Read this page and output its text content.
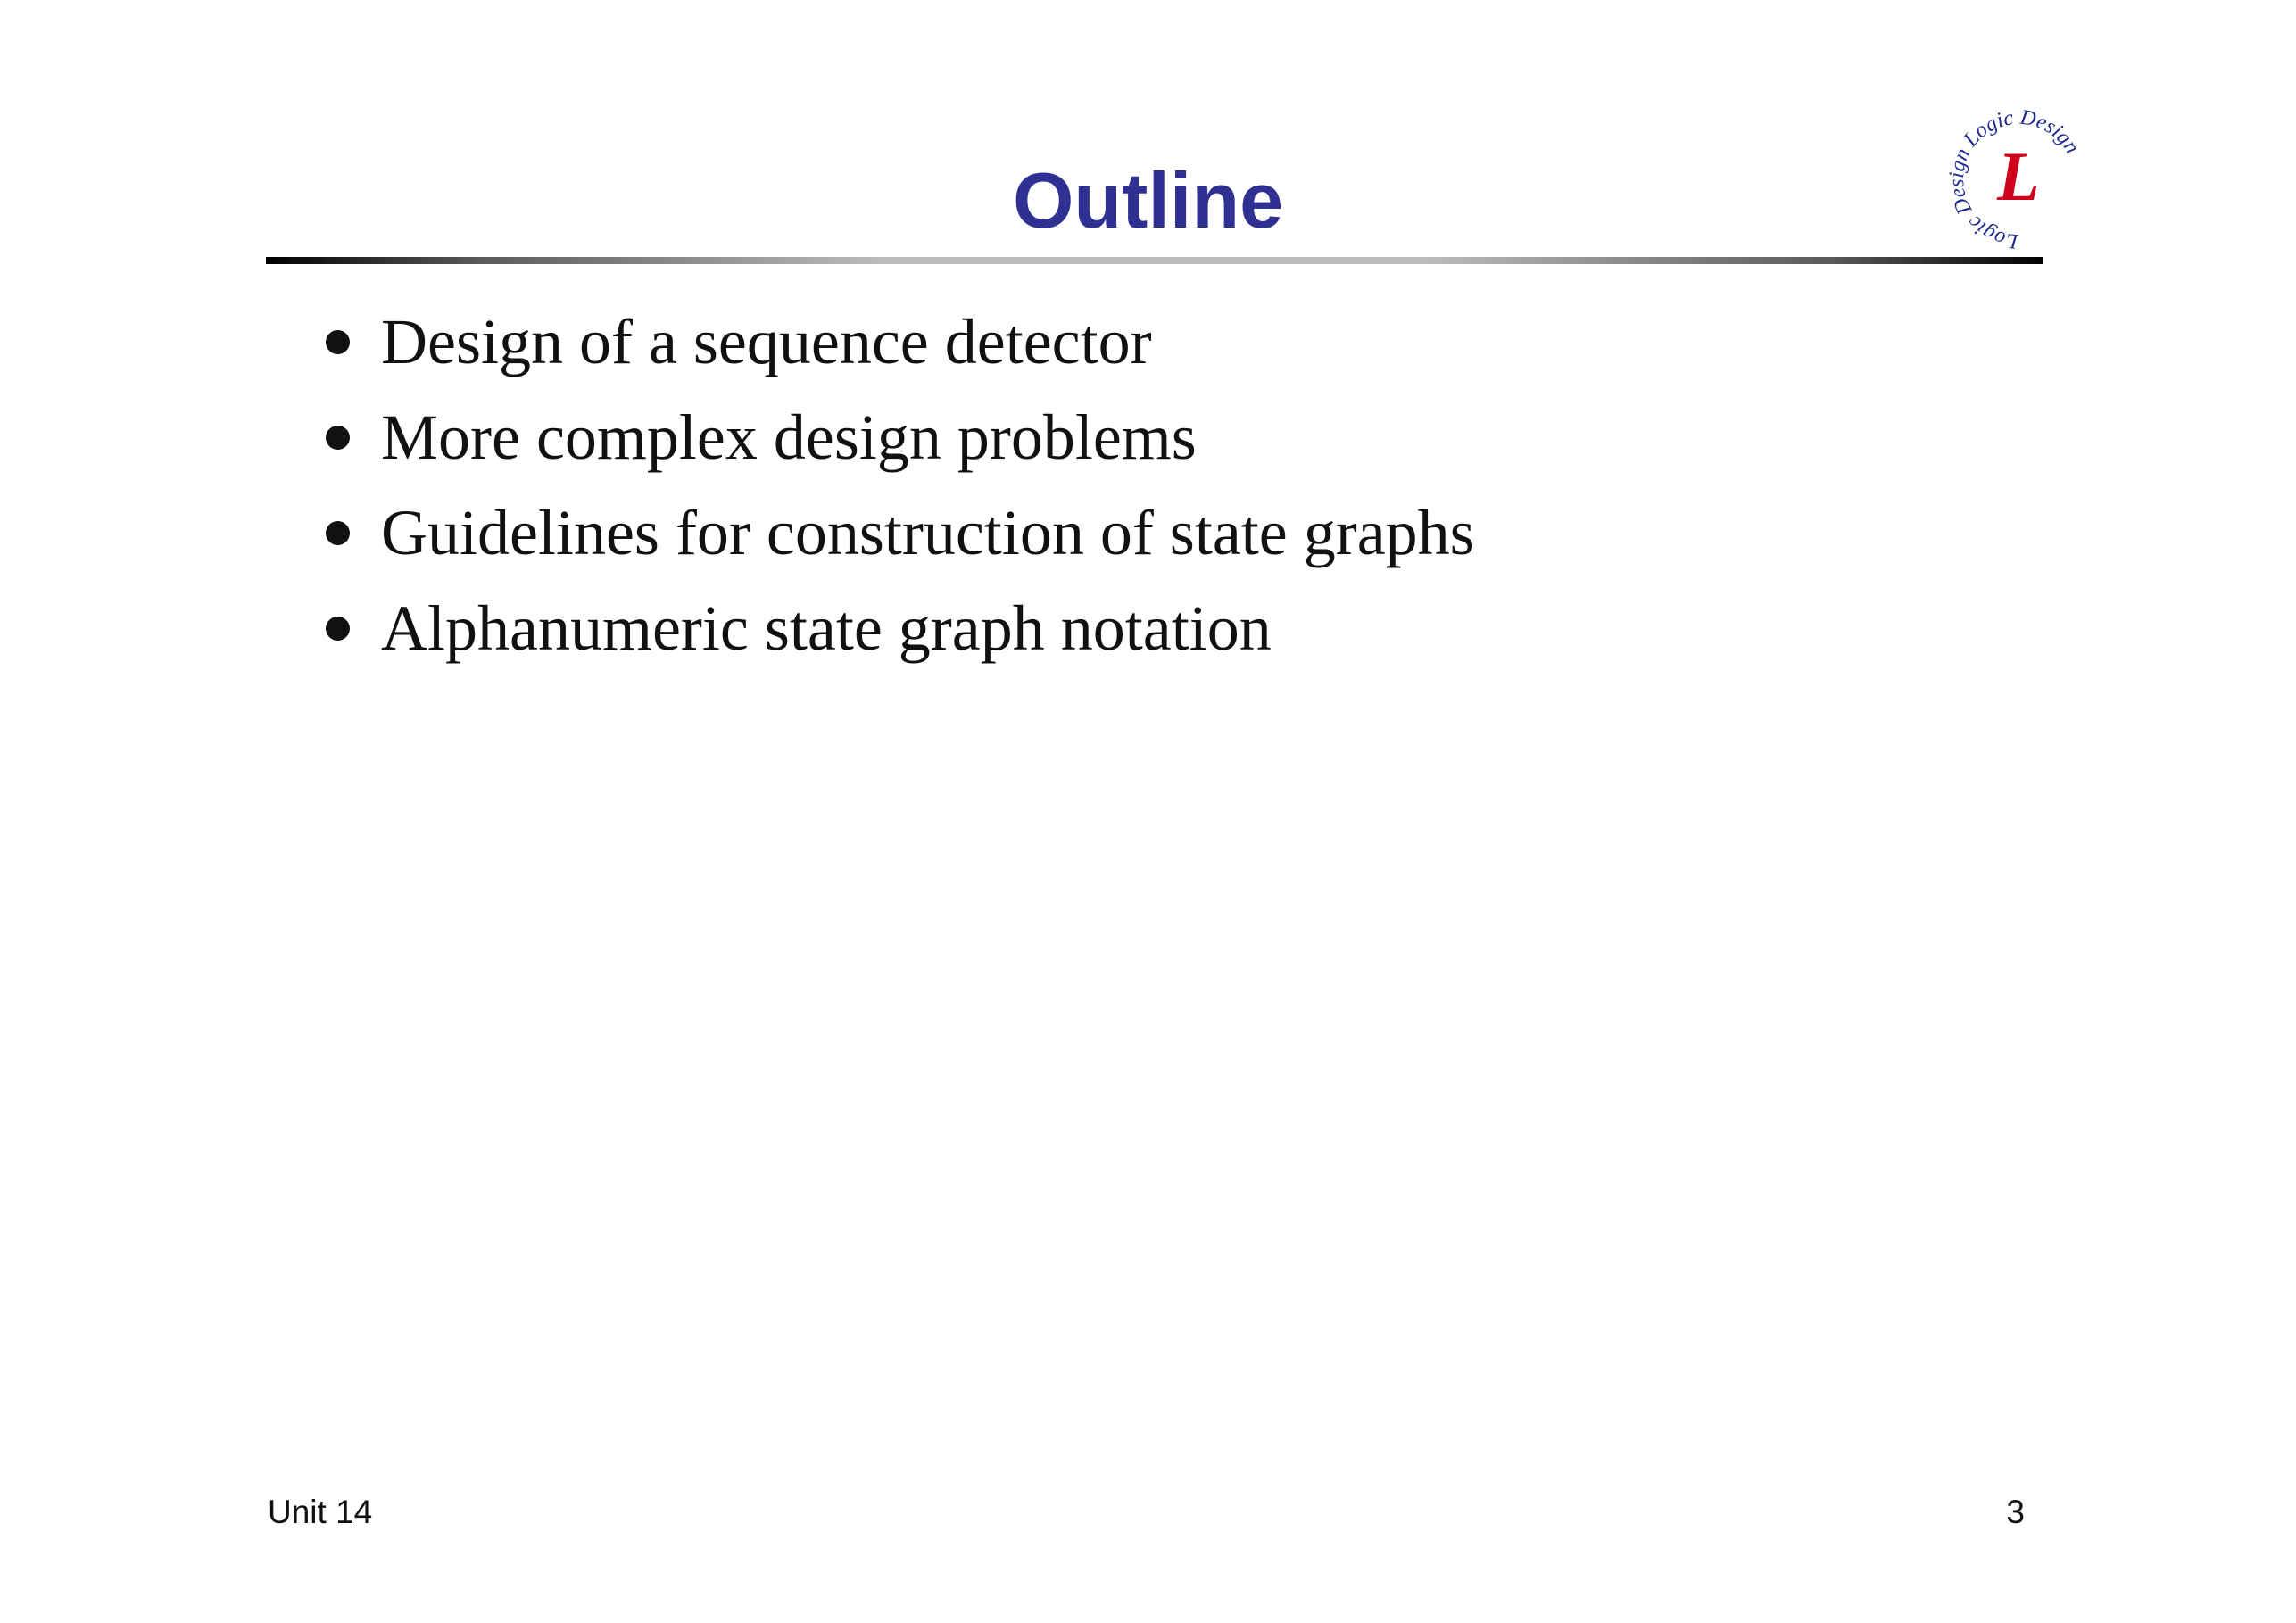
Outline	Logic Design Logic Design
L
Design of a sequence detector
More complex design problems
Guidelines for construction of state graphs
Alphanumeric state graph notation
Unit 14	3
